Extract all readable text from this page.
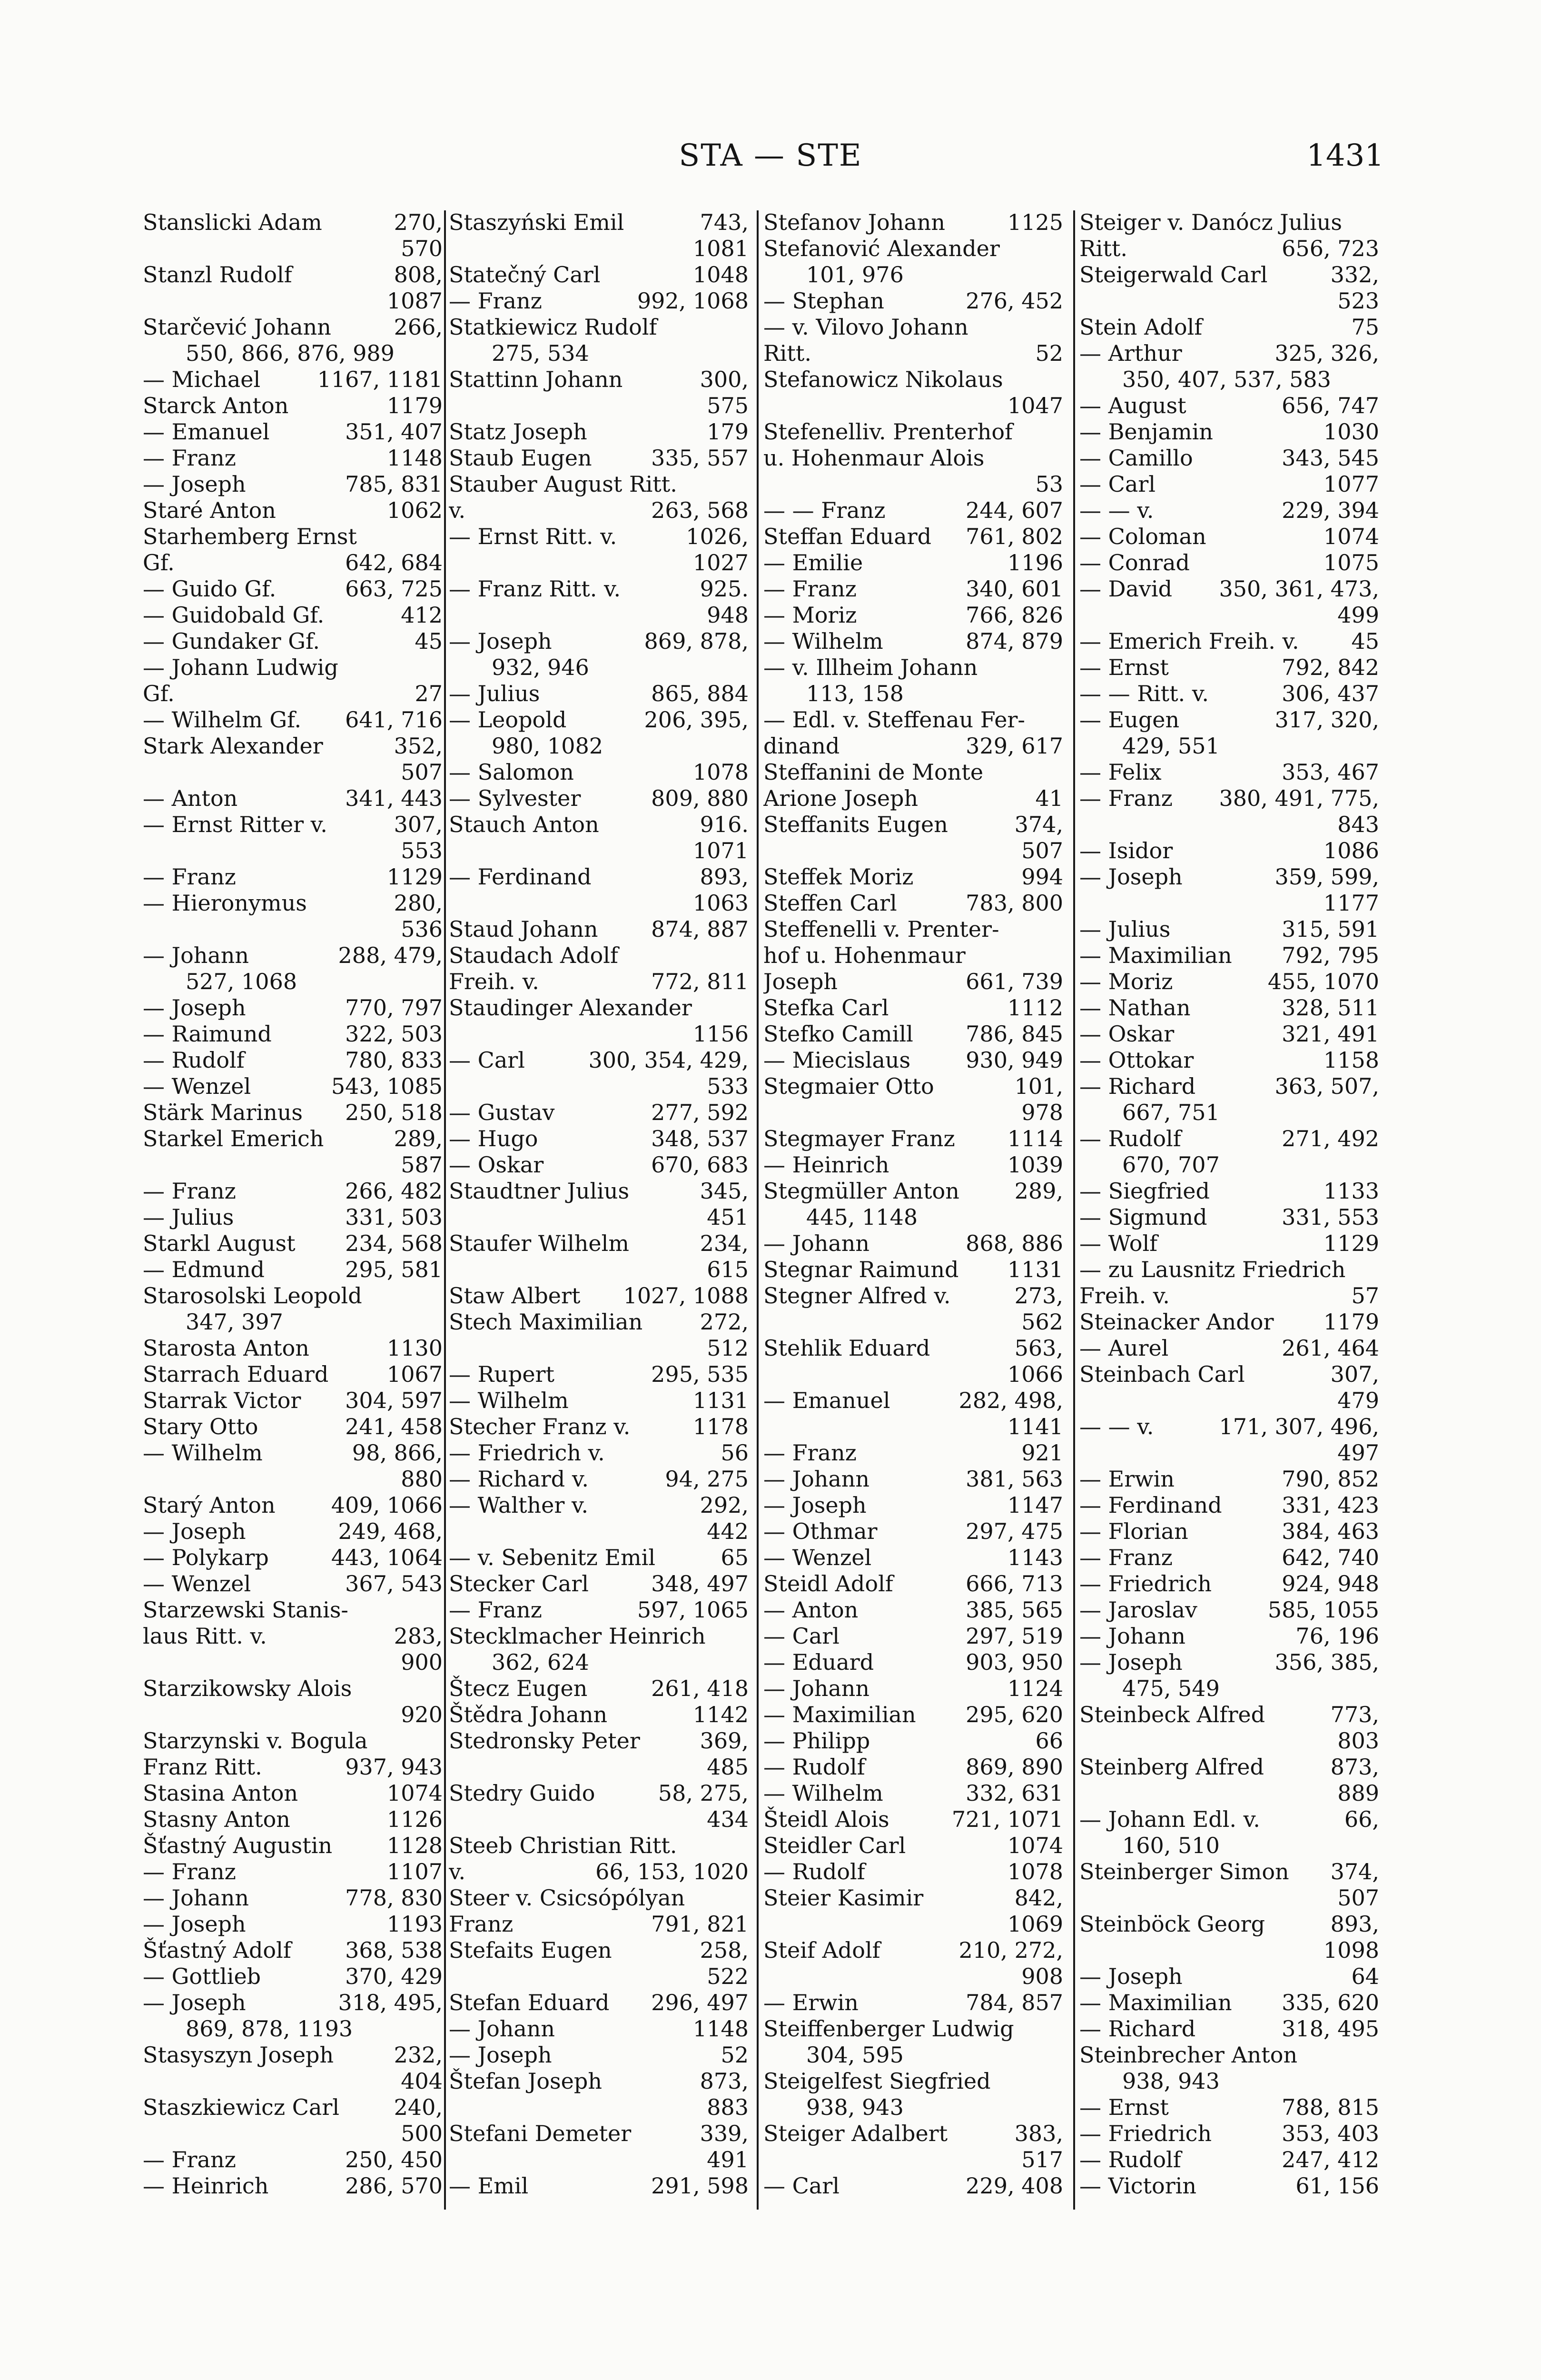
STA — STE	1431
Stanslicki Adam	270,
570
Stanzl Rudolf	808,
1087
Starčević Johann	266,
550, 866, 876, 989
— Michael	1167, 1181
Starck Anton	1179
— Emanuel	351, 407
— Franz	1148
— Joseph	785, 831
Staré Anton	1062
Starhemberg Ernst
Gf.	642, 684
— Guido Gf.	663, 725
— Guidobald Gf.	412
— Gundaker Gf.	45
— Johann Ludwig
Gf.	27
— Wilhelm Gf. 641, 716
Stark Alexander	352,
507
— Anton	341, 443
— Ernst Ritter v.	307,
553
— Franz	1129
— Hieronymus	280,
536
— Johann	288, 479,
527, 1068
— Joseph	770, 797
— Raimund	322, 503
— Rudolf	780, 833
— Wenzel	543, 1085
Stärk Marinus 250, 518
Starkel Emerich	289,
587
— Franz	266, 482
— Julius	331, 503
Starkl August 234, 568
— Edmund	295, 581
Starosolski Leopold
347, 397
Starosta Anton	1130
Starrach Eduard	1067
Starrak Victor 304, 597
Stary Otto	241, 458
— Wilhelm	98, 866,
880
Starý Anton	409, 1066
— Joseph	249, 468,
— Polykarp	443, 1064
— Wenzel	367, 543
Starzewski Stanis-
laus Ritt. v.	283,
900
Starzikowsky Alois
920
Starzynski v. Bogula
Franz Ritt.	937, 943
Stasina Anton	1074
Stasny Anton	1126
Šťastný Augustin 1128
— Franz	1107
— Johann	778, 830
— Joseph	1193
Šťastný Adolf 368, 538
— Gottlieb	370, 429
— Joseph	318, 495,
869, 878, 1193
Stasyszyn Joseph	232,
404
Staszkiewicz Carl 240,
500
— Franz	250, 450
— Heinrich	286, 570
Staszyński Emil	743,
1081
Statečný Carl	1048
— Franz	992, 1068
Statkiewicz Rudolf
275, 534
Stattinn Johann	300,
575
Statz Joseph	179
Staub Eugen	335, 557
Stauber August Ritt.
v.	263, 568
— Ernst Ritt. v.	1026,
1027
— Franz Ritt. v.	925.
948
— Joseph	869, 878,
932, 946
— Julius	865, 884
— Leopold	206, 395,
980, 1082
— Salomon	1078
— Sylvester	809, 880
Stauch Anton	916.
1071
— Ferdinand	893,
1063
Staud Johann 874, 887
Staudach Adolf
Freih. v.	772, 811
Staudinger Alexander
1156
— Carl	300, 354, 429,
533
— Gustav	277, 592
— Hugo	348, 537
— Oskar	670, 683
Staudtner Julius	345,
451
Staufer Wilhelm	234,
615
Staw Albert 1027, 1088
Stech Maximilian	272,
512
— Rupert	295, 535
— Wilhelm	1131
Stecher Franz v.	1178
— Friedrich v.	56
— Richard v.	94, 275
— Walther v.	292,
442
— v. Sebenitz Emil	65
Stecker Carl	348, 497
— Franz	597, 1065
Stecklmacher Heinrich
362, 624
Štecz Eugen	261, 418
Štědra Johann	1142
Stedronsky Peter	369,
485
Stedry Guido	58, 275,
434
Steeb Christian Ritt.
v.	66, 153, 1020
Steer v. Csicsópólyan
Franz	791, 821
Stefaits Eugen	258,
522
Stefan Eduard 296, 497
— Johann	1148
— Joseph	52
Štefan Joseph	873,
883
Stefani Demeter	339,
491
— Emil	291, 598
Stefanov Johann	1125
Stefanović Alexander
101, 976
— Stephan	276, 452
— v. Vilovo Johann
Ritt.	52
Stefanowicz Nikolaus
1047
Stefenelliv. Prenterhof
u. Hohenmaur Alois
53
— — Franz	244, 607
Steffan Eduard 761, 802
— Emilie	1196
— Franz	340, 601
— Moriz	766, 826
— Wilhelm	874, 879
— v. Illheim Johann
113, 158
— Edl. v. Steffenau Fer-
dinand	329, 617
Steffanini de Monte
Arione Joseph	41
Steffanits Eugen	374,
507
Steffek Moriz	994
Steffen Carl	783, 800
Steffenelli v. Prenter-
hof u. Hohenmaur
Joseph	661, 739
Stefka Carl	1112
Stefko Camill 786, 845
— Miecislaus	930, 949
Stegmaier Otto	101,
978
Stegmayer Franz 1114
— Heinrich	1039
Stegmüller Anton	289,
445, 1148
— Johann	868, 886
Stegnar Raimund 1131
Stegner Alfred v.	273,
562
Stehlik Eduard	563,
1066
— Emanuel	282, 498,
1141
— Franz	921
— Johann	381, 563
— Joseph	1147
— Othmar	297, 475
— Wenzel	1143
Steidl Adolf	666, 713
— Anton	385, 565
— Carl	297, 519
— Eduard	903, 950
— Johann	1124
— Maximilian 295, 620
— Philipp	66
— Rudolf	869, 890
— Wilhelm	332, 631
Šteidl Alois	721, 1071
Steidler Carl	1074
— Rudolf	1078
Steier Kasimir	842,
1069
Steif Adolf	210, 272,
908
— Erwin	784, 857
Steiffenberger Ludwig
304, 595
Steigelfest Siegfried
938, 943
Steiger Adalbert	383,
517
— Carl	229, 408
Steiger v. Danócz Julius
Ritt.	656, 723
Steigerwald Carl	332,
523
Stein Adolf	75
— Arthur	325, 326,
350, 407, 537, 583
— August	656, 747
— Benjamin	1030
— Camillo	343, 545
— Carl	1077
— — v.	229, 394
— Coloman	1074
— Conrad	1075
— David 350, 361, 473,
499
— Emerich Freih. v. 45
— Ernst	792, 842
— — Ritt. v.	306, 437
— Eugen	317, 320,
429, 551
— Felix	353, 467
— Franz 380, 491, 775,
843
— Isidor	1086
— Joseph	359, 599,
1177
— Julius	315, 591
— Maximilian 792, 795
— Moriz	455, 1070
— Nathan	328, 511
— Oskar	321, 491
— Ottokar	1158
— Richard	363, 507,
667, 751
— Rudolf	271, 492
670, 707
— Siegfried	1133
— Sigmund	331, 553
— Wolf	1129
— zu Lausnitz Friedrich
Freih. v.	57
Steinacker Andor 1179
— Aurel	261, 464
Steinbach Carl	307,
479
— — v.	171, 307, 496,
497
— Erwin	790, 852
— Ferdinand	331, 423
— Florian	384, 463
— Franz	642, 740
— Friedrich	924, 948
— Jaroslav	585, 1055
— Johann	76, 196
— Joseph	356, 385,
475, 549
Steinbeck Alfred	773,
803
Steinberg Alfred	873,
889
— Johann Edl. v.	66,
160, 510
Steinberger Simon 374,
507
Steinböck Georg	893,
1098
— Joseph	64
— Maximilian 335, 620
— Richard	318, 495
Steinbrecher Anton
938, 943
— Ernst	788, 815
— Friedrich	353, 403
— Rudolf	247, 412
— Victorin	61, 156
